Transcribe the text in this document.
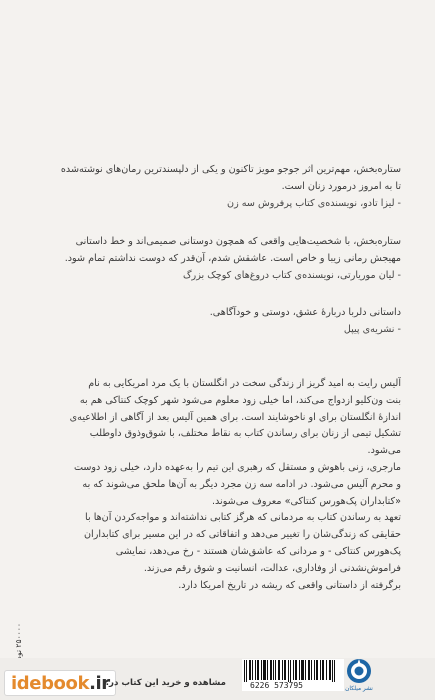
ستاره‌بخش، مهم‌ترین اثر جوجو مویز تاکنون و یکی از دلپسندترین رمان‌های نوشته‌شده
تا به امروز درمورد زنان است.
- لیزا تادو، نویسنده‌ی کتاب پرفروش سه زن
ستاره‌بخش، با شخصیت‌هایی واقعی که همچون دوستانی صمیمی‌اند و خط داستانی
مهیجش رمانی زیبا و خاص است. عاشقش شدم، آن‌قدر که دوست نداشتم تمام شود.
- لیان موریارتی، نویسنده‌ی کتاب دروغ‌های کوچک بزرگ
داستانی دلربا دربارهٔ عشق، دوستی و خودآگاهی.
- نشریه‌ی پیپل
آلیس رایت به امید گریز از زندگی سخت در انگلستان با یک مرد امریکایی به نام
بنت ون‌کلیو ازدواج می‌کند، اما خیلی زود معلوم می‌شود شهر کوچک کنتاکی هم به
اندازهٔ انگلستان برای او ناخوشایند است. برای همین آلیس بعد از آگاهی از اطلاعیه‌ی
تشکیل تیمی از زنان برای رساندن کتاب به نقاط مختلف، با شوق‌وذوق داوطلب
می‌شود.
مارجری، زنی باهوش و مستقل که رهبری این تیم را به‌عهده دارد، خیلی زود دوست
و محرم آلیس می‌شود. در ادامه سه زن مجرد دیگر به آن‌ها ملحق می‌شوند که به
«کتابداران پک‌هورس کنتاکی» معروف می‌شوند.
تعهد به رساندن کتاب به مردمانی که هرگز کتابی نداشته‌اند و مواجه‌کردن آن‌ها با
حقایقی که زندگی‌شان را تغییر می‌دهد و اتفاقاتی که در این مسیر برای کتابداران
پک‌هورس کنتاکی - و مردانی که عاشق‌شان هستند - رخ می‌دهد، نمایشی
فراموش‌نشدنی از وفاداری، عدالت، انسانیت و شوق رقم می‌زند.
برگرفته از داستانی واقعی که ریشه در تاریخ امریکا دارد.
۲۵۰۰۰۰
idebook.ir
مشاهده و خرید این کتاب در:	6226 573795	نشر میلکان
